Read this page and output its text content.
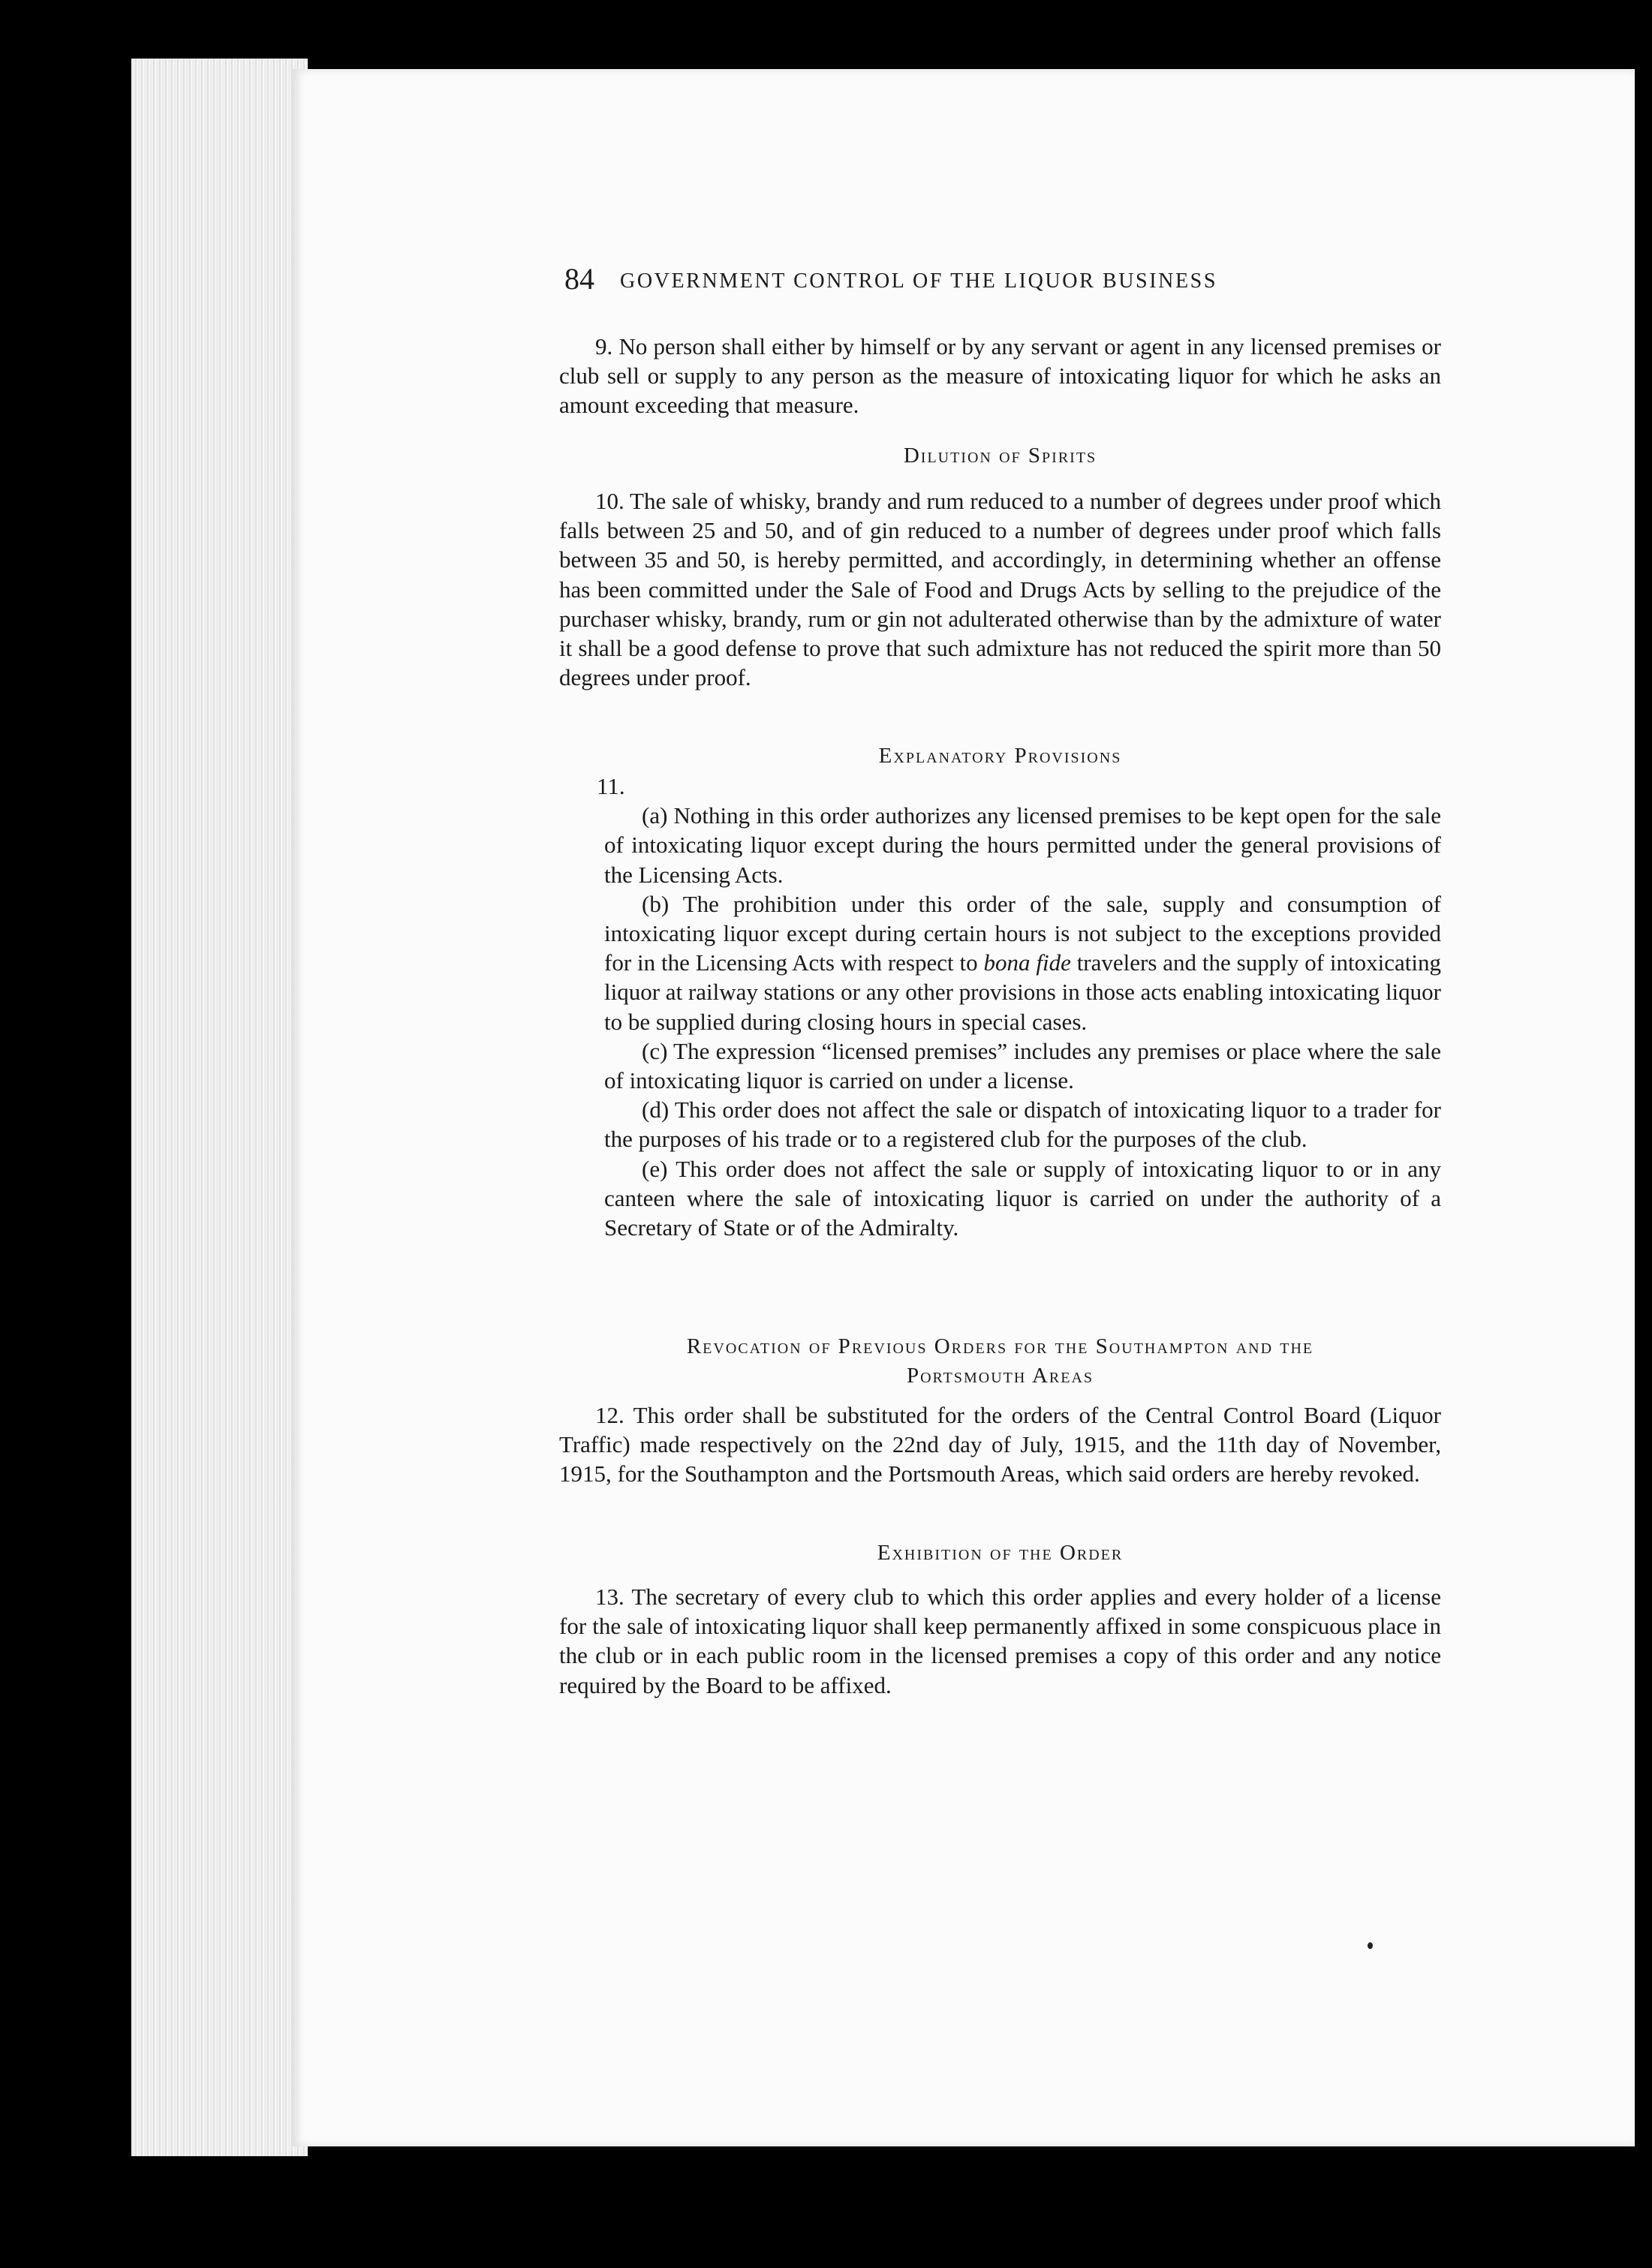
84 GOVERNMENT CONTROL OF THE LIQUOR BUSINESS

9. No person shall either by himself or by any servant or agent in any licensed premises or club sell or supply to any person as the measure of intoxicating liquor for which he asks an amount exceeding that measure.

Dilution of Spirits

10. The sale of whisky, brandy and rum reduced to a number of degrees under proof which falls between 25 and 50, and of gin reduced to a number of degrees under proof which falls between 35 and 50, is hereby permitted, and accordingly, in determining whether an offense has been committed under the Sale of Food and Drugs Acts by selling to the prejudice of the purchaser whisky, brandy, rum or gin not adulterated otherwise than by the admixture of water it shall be a good defense to prove that such admixture has not reduced the spirit more than 50 degrees under proof.

Explanatory Provisions

11.

(a) Nothing in this order authorizes any licensed premises to be kept open for the sale of intoxicating liquor except during the hours permitted under the general provisions of the Licensing Acts.

(b) The prohibition under this order of the sale, supply and consumption of intoxicating liquor except during certain hours is not subject to the exceptions provided for in the Licensing Acts with respect to bona fide travelers and the supply of intoxicating liquor at railway stations or any other provisions in those acts enabling intoxicating liquor to be supplied during closing hours in special cases.

(c) The expression “licensed premises” includes any premises or place where the sale of intoxicating liquor is carried on under a license.

(d) This order does not affect the sale or dispatch of intoxicating liquor to a trader for the purposes of his trade or to a registered club for the purposes of the club.

(e) This order does not affect the sale or supply of intoxicating liquor to or in any canteen where the sale of intoxicating liquor is carried on under the authority of a Secretary of State or of the Admiralty.

Revocation of Previous Orders for the Southampton and the
Portsmouth Areas

12. This order shall be substituted for the orders of the Central Control Board (Liquor Traffic) made respectively on the 22nd day of July, 1915, and the 11th day of November, 1915, for the Southampton and the Portsmouth Areas, which said orders are hereby revoked.

Exhibition of the Order

13. The secretary of every club to which this order applies and every holder of a license for the sale of intoxicating liquor shall keep permanently affixed in some conspicuous place in the club or in each public room in the licensed premises a copy of this order and any notice required by the Board to be affixed.
